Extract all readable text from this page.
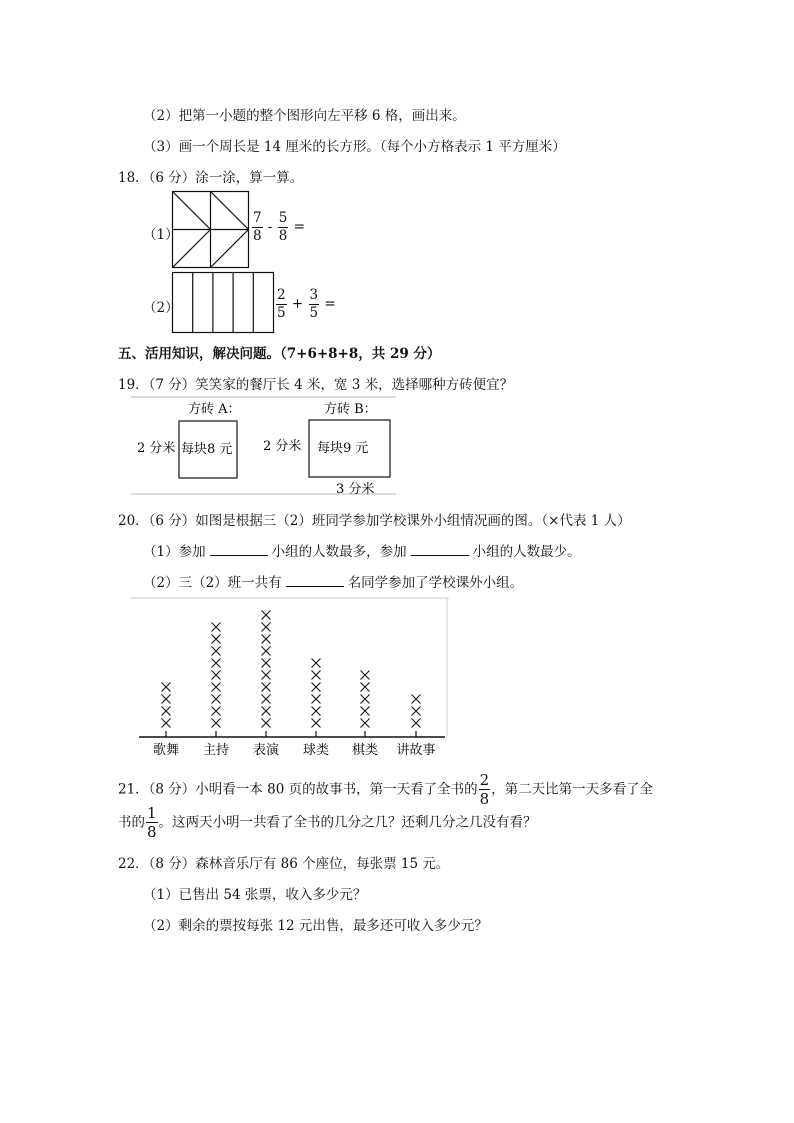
（2）把第一小题的整个图形向左平移 6 格，画出来。
（3）画一个周长是 14 厘米的长方形。（每个小方格表示 1 平方厘米）
18．（6 分）涂一涂，算一算。
（1）	$\frac{7}{8} - \frac{5}{8}$ =
（2）	$\frac{2}{5} + \frac{3}{5}$ =
五、活用知识，解决问题。（7+6+8+8，共 29 分）
19．（7 分）笑笑家的餐厅长 4 米，宽 3 米，选择哪种方砖便宜？
方砖 A：
2 分米 每块8 元
方砖 B：
2 分米 每块9 元
3 分米
20．（6 分）如图是根据三（2）班同学参加学校课外小组情况画的图。（×代表 1 人）
（1）参加	小组的人数最多，参加	小组的人数最少。
（2）三（2）班一共有	名同学参加了学校课外小组。
歌舞 主持 表演 球类 棋类 讲故事
21．（8 分）小明看一本 80 页的故事书，第一天看了全书的 $\frac{2}{8}$ ，第二天比第一天多看了全
书的 $\frac{1}{8}$ 。这两天小明一共看了全书的几分之几？还剩几分之几没有看？
22．（8 分）森林音乐厅有 86 个座位，每张票 15 元。
（1）已售出 54 张票，收入多少元？
（2）剩余的票按每张 12 元出售，最多还可收入多少元？
